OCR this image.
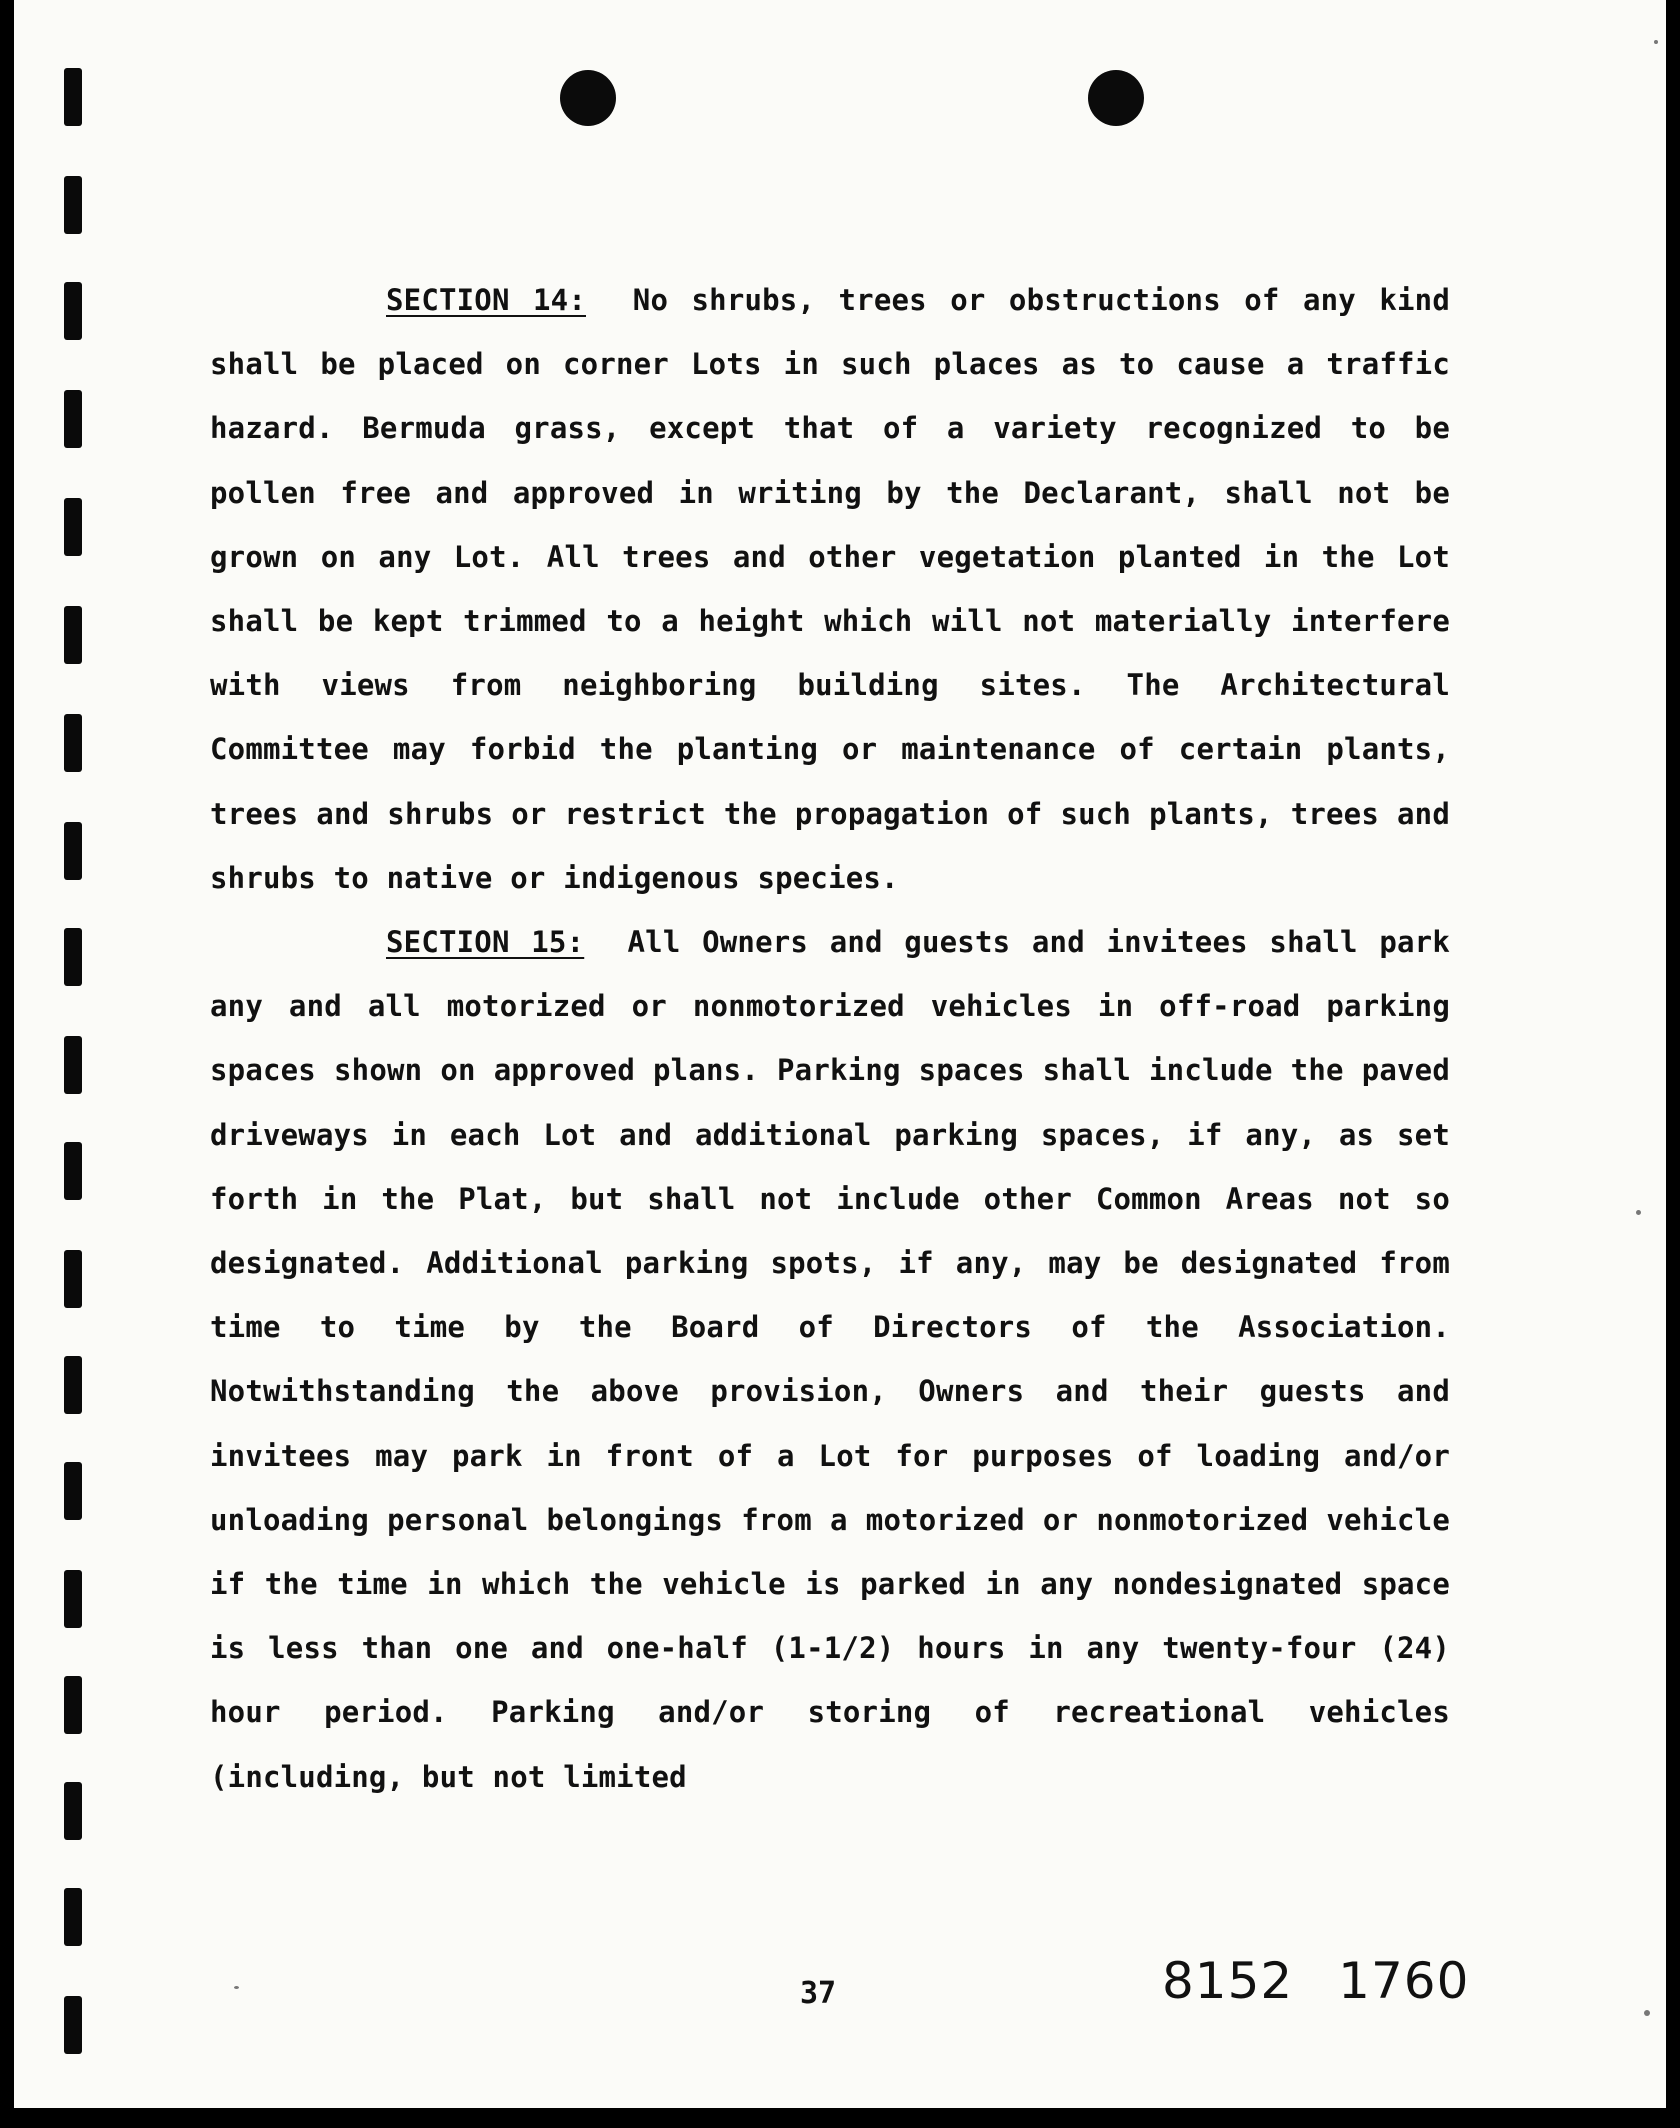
SECTION 14: No shrubs, trees or obstructions of any kind shall be placed on corner Lots in such places as to cause a traffic hazard. Bermuda grass, except that of a variety recognized to be pollen free and approved in writing by the Declarant, shall not be grown on any Lot. All trees and other vegetation planted in the Lot shall be kept trimmed to a height which will not materially interfere with views from neighboring building sites. The Architectural Committee may forbid the planting or maintenance of certain plants, trees and shrubs or restrict the propagation of such plants, trees and shrubs to native or indigenous species.

SECTION 15: All Owners and guests and invitees shall park any and all motorized or nonmotorized vehicles in off-road parking spaces shown on approved plans. Parking spaces shall include the paved driveways in each Lot and additional parking spaces, if any, as set forth in the Plat, but shall not include other Common Areas not so designated. Additional parking spots, if any, may be designated from time to time by the Board of Directors of the Association. Notwithstanding the above provision, Owners and their guests and invitees may park in front of a Lot for purposes of loading and/or unloading personal belongings from a motorized or nonmotorized vehicle if the time in which the vehicle is parked in any nondesignated space is less than one and one-half (1-1/2) hours in any twenty-four (24) hour period. Parking and/or storing of recreational vehicles (including, but not limited

37	8152 1760
